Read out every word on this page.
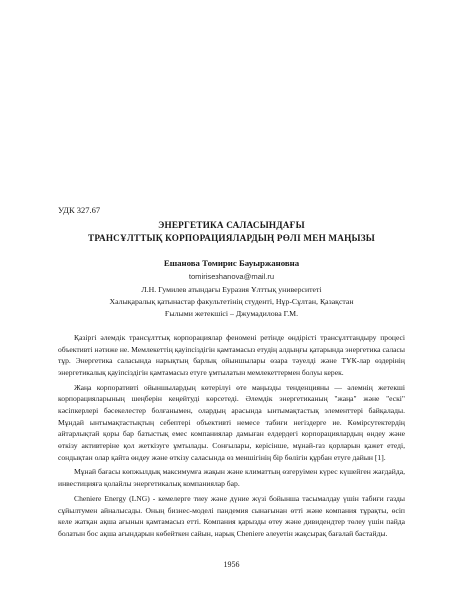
УДК 327.67
ЭНЕРГЕТИКА САЛАСЫНДАҒЫ
ТРАНСҰЛТТЫҚ КОРПОРАЦИЯЛАРДЫҢ РӨЛІ МЕН МАҢЫЗЫ
Ешанова Томирис Бауыржановна
tomirisезhanova@mail.ru
Л.Н. Гумилев атындағы Еуразия Ұлттық университеті
Халықаралық қатынастар факультетінің студенті, Нұр-Сұлтан, Қазақстан
Ғылыми жетекшісі – Джумадилова Г.М.

Қазіргі әлемдік трансұлттық корпорациялар феномені ретінде өндірісті трансұлттандыру процесі объективті нәтиже не. Мемлекеттің қауіпсіздігін қамтамасыз етудің алдыңғы қатарында энергетика саласы тұр. Энергетика саласында нарықтың барлық ойыншылары өзара тәуелді және ТҰК-лар өздерінің энергетикалық қауіпсіздігін қамтамасыз етуге ұмтылатын мемлекеттермен болуы керек.

Жаңа корпоративті ойыншылардың көтерілуі өте маңызды тенденцияны — әлемнің жетекші корпорацияларының шеңберін кеңейтуді көрсетеді. Әлемдік энергетиканың "жаңа" және "ескі" кәсіпкерлері бәсекелестер болғанымен, олардың арасында ынтымақтастық элементтері байқалады. Мұндай ынтымақтастықтың себептері объективті немесе табиғи негіздерге ие. Көмірсутектердің айтарлықтай қоры бар батыстық емес компаниялар дамыған елдердегі корпорациялардың өндеу және өткізу активтеріне қол жеткізуге ұмтылады. Сонғылары, керісінше, мұнай-газ қорларын қажет етеді, сондықтан олар қайта өндеу және өткізу саласында өз меншігінің бір бөлігін құрбан етуге дайын [1].

Мұнай бағасы көпжылдық максимумға жақын және климаттың өзгеруімен күрес күшейген жағдайда, инвестицияға қолайлы энергетикалық компаниялар бар.

Cheniere Energy (LNG) - кемелерге тиеу және дүние жүзі бойынша тасымалдау үшін табиғи газды сұйылтумен айналысады. Оның бизнес-моделі пандемия сынағынан өтті және компания тұрақты, өсіп келе жатқан ақша ағынын қамтамасыз етті. Компания қарызды өтеу және дивидендтер төлеу үшін пайда болатын бос ақша ағындарын көбейткен сайын, нарық Cheniere әлеуетін жақсырақ бағалай бастайды.

1956
